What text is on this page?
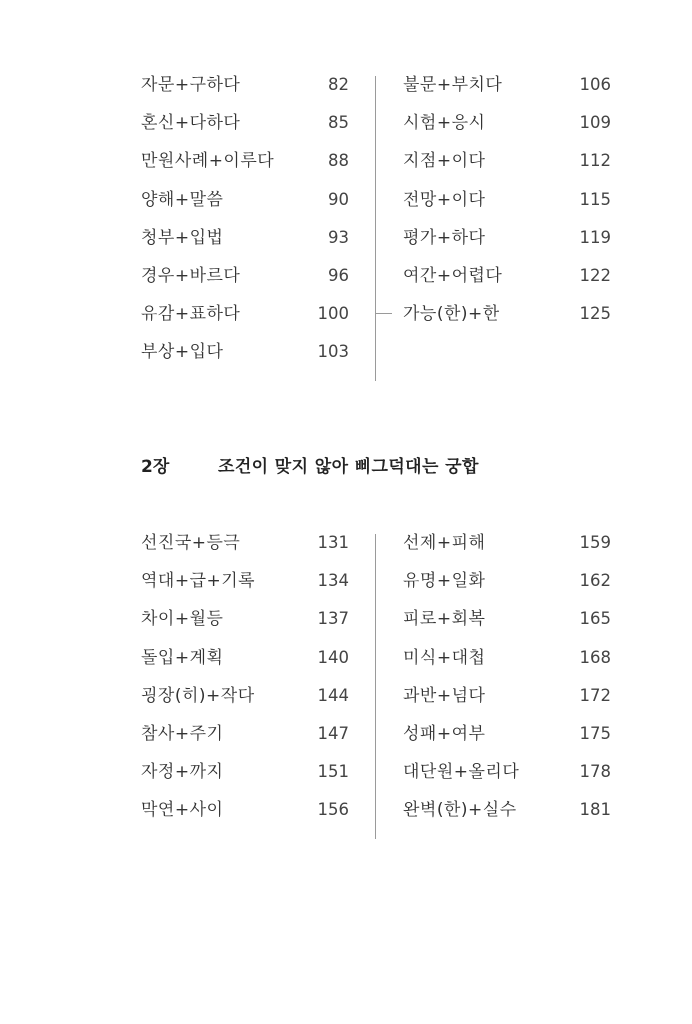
자문+구하다	82
혼신+다하다	85
만원사례+이루다	88
양해+말씀	90
청부+입법	93
경우+바르다	96
유감+표하다	100
부상+입다	103
불문+부치다	106
시험+응시	109
지점+이다	112
전망+이다	115
평가+하다	119
여간+어렵다	122
가능(한)+한	125
2장	조건이 맞지 않아 삐그덕대는 궁합
선진국+등극	131
역대+급+기록	134
차이+월등	137
돌입+계획	140
굉장(히)+작다	144
참사+주기	147
자정+까지	151
막연+사이	156
선제+피해	159
유명+일화	162
피로+회복	165
미식+대첩	168
과반+넘다	172
성패+여부	175
대단원+올리다	178
완벽(한)+실수	181
